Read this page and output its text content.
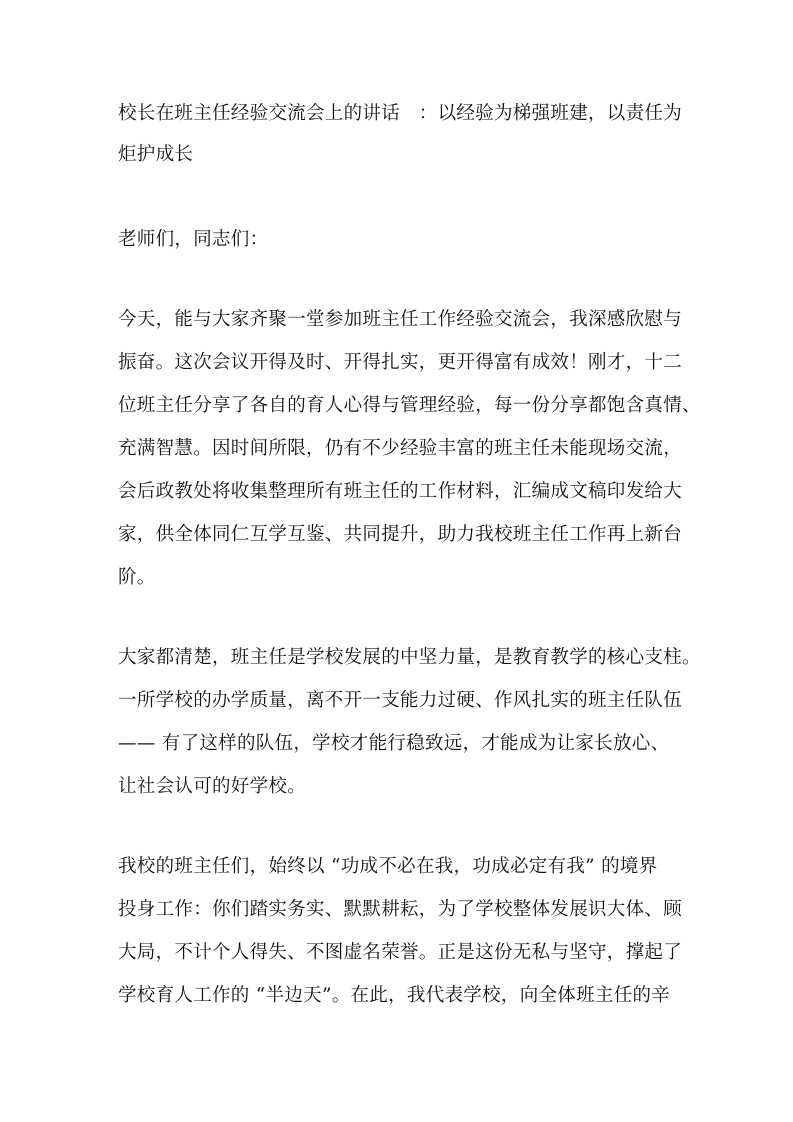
校长在班主任经验交流会上的讲话　：以经验为梯强班建，以责任为
炬护成长
老师们，同志们：
今天，能与大家齐聚一堂参加班主任工作经验交流会，我深感欣慰与
振奋。这次会议开得及时、开得扎实，更开得富有成效！刚才，十二
位班主任分享了各自的育人心得与管理经验，每一份分享都饱含真情、
充满智慧。因时间所限，仍有不少经验丰富的班主任未能现场交流，
会后政教处将收集整理所有班主任的工作材料，汇编成文稿印发给大
家，供全体同仁互学互鉴、共同提升，助力我校班主任工作再上新台
阶。
大家都清楚，班主任是学校发展的中坚力量，是教育教学的核心支柱。
一所学校的办学质量，离不开一支能力过硬、作风扎实的班主任队伍
—— 有了这样的队伍，学校才能行稳致远，才能成为让家长放心、
让社会认可的好学校。
我校的班主任们，始终以 “功成不必在我，功成必定有我” 的境界
投身工作：你们踏实务实、默默耕耘，为了学校整体发展识大体、顾
大局，不计个人得失、不图虚名荣誉。正是这份无私与坚守，撑起了
学校育人工作的 “半边天”。在此，我代表学校，向全体班主任的辛
